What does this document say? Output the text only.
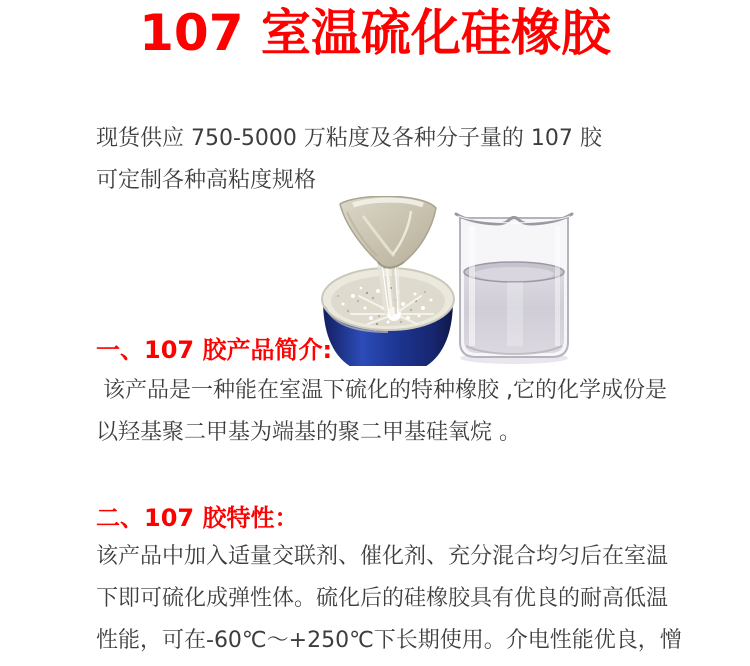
107 室温硫化硅橡胶
现货供应 750-5000 万粘度及各种分子量的 107 胶
可定制各种高粘度规格
一、107 胶产品简介:
该产品是一种能在室温下硫化的特种橡胶 ,它的化学成份是
以羟基聚二甲基为端基的聚二甲基硅氧烷 。
二、107 胶特性：
该产品中加入适量交联剂、催化剂、充分混合均匀后在室温
下即可硫化成弹性体。硫化后的硅橡胶具有优良的耐高低温
性能，可在-60℃～+250℃下长期使用。介电性能优良，憎
